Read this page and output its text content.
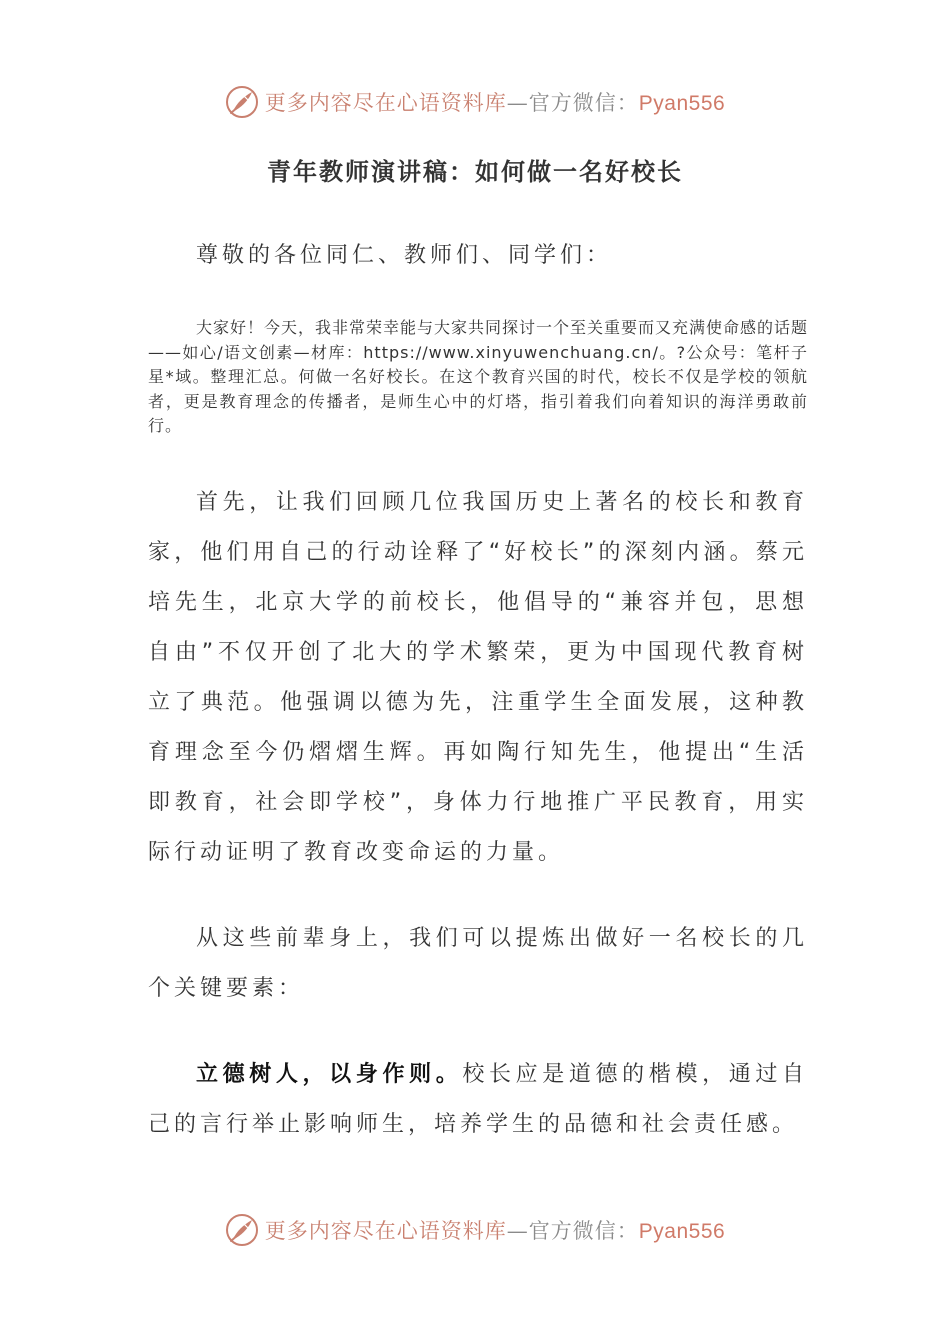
更多内容尽在心语资料库—官方微信：Pyan556
青年教师演讲稿：如何做一名好校长
尊敬的各位同仁、教师们、同学们：
大家好！今天，我非常荣幸能与大家共同探讨一个至关重要而又充满使命感的话题——如心/语文创素—材库：https://www.xinyuwenchuang.cn/。?公众号：笔杆子星*域。整理汇总。何做一名好校长。在这个教育兴国的时代，校长不仅是学校的领航者，更是教育理念的传播者，是师生心中的灯塔，指引着我们向着知识的海洋勇敢前行。
首先，让我们回顾几位我国历史上著名的校长和教育家，他们用自己的行动诠释了“好校长”的深刻内涵。蔡元培先生，北京大学的前校长，他倡导的“兼容并包，思想自由”不仅开创了北大的学术繁荣，更为中国现代教育树立了典范。他强调以德为先，注重学生全面发展，这种教育理念至今仍熠熠生辉。再如陶行知先生，他提出“生活即教育，社会即学校”，身体力行地推广平民教育，用实际行动证明了教育改变命运的力量。
从这些前辈身上，我们可以提炼出做好一名校长的几个关键要素：
立德树人，以身作则。校长应是道德的楷模，通过自己的言行举止影响师生，培养学生的品德和社会责任感。
更多内容尽在心语资料库—官方微信：Pyan556
